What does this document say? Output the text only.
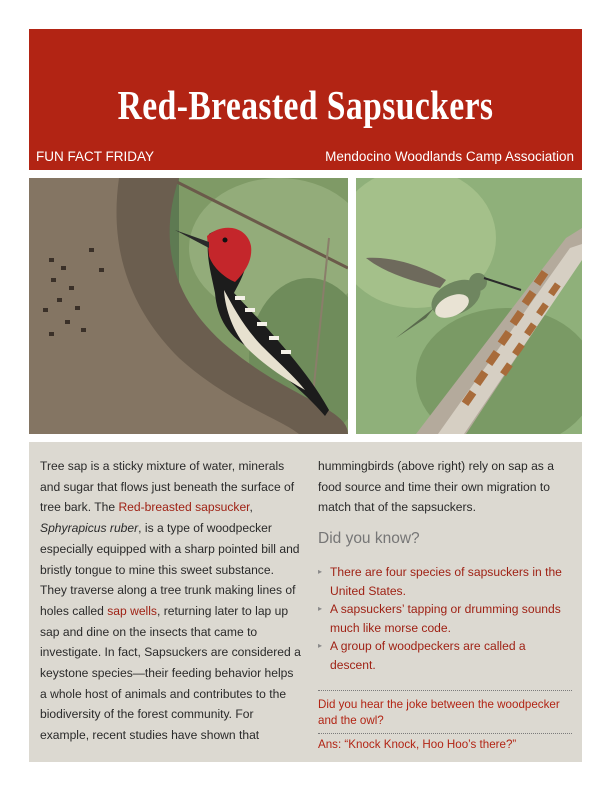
Red-Breasted Sapsuckers
FUN FACT FRIDAY	Mendocino Woodlands Camp Association

Tree sap is a sticky mixture of water, minerals and sugar that flows just beneath the surface of tree bark. The Red-breasted sapsucker, Sphyrapicus ruber, is a type of woodpecker especially equipped with a sharp pointed bill and bristly tongue to mine this sweet substance. They traverse along a tree trunk making lines of holes called sap wells, returning later to lap up sap and dine on the insects that came to investigate. In fact, Sapsuckers are considered a keystone species—their feeding behavior helps a whole host of animals and contributes to the biodiversity of the forest community. For example, recent studies have shown that

hummingbirds (above right) rely on sap as a food source and time their own migration to match that of the sapsuckers.

Did you know?
▸ There are four species of sapsuckers in the United States.
▸ A sapsuckers’ tapping or drumming sounds much like morse code.
▸ A group of woodpeckers are called a descent.
Did you hear the joke between the woodpecker and the owl?
Ans: “Knock Knock, Hoo Hoo’s there?”
